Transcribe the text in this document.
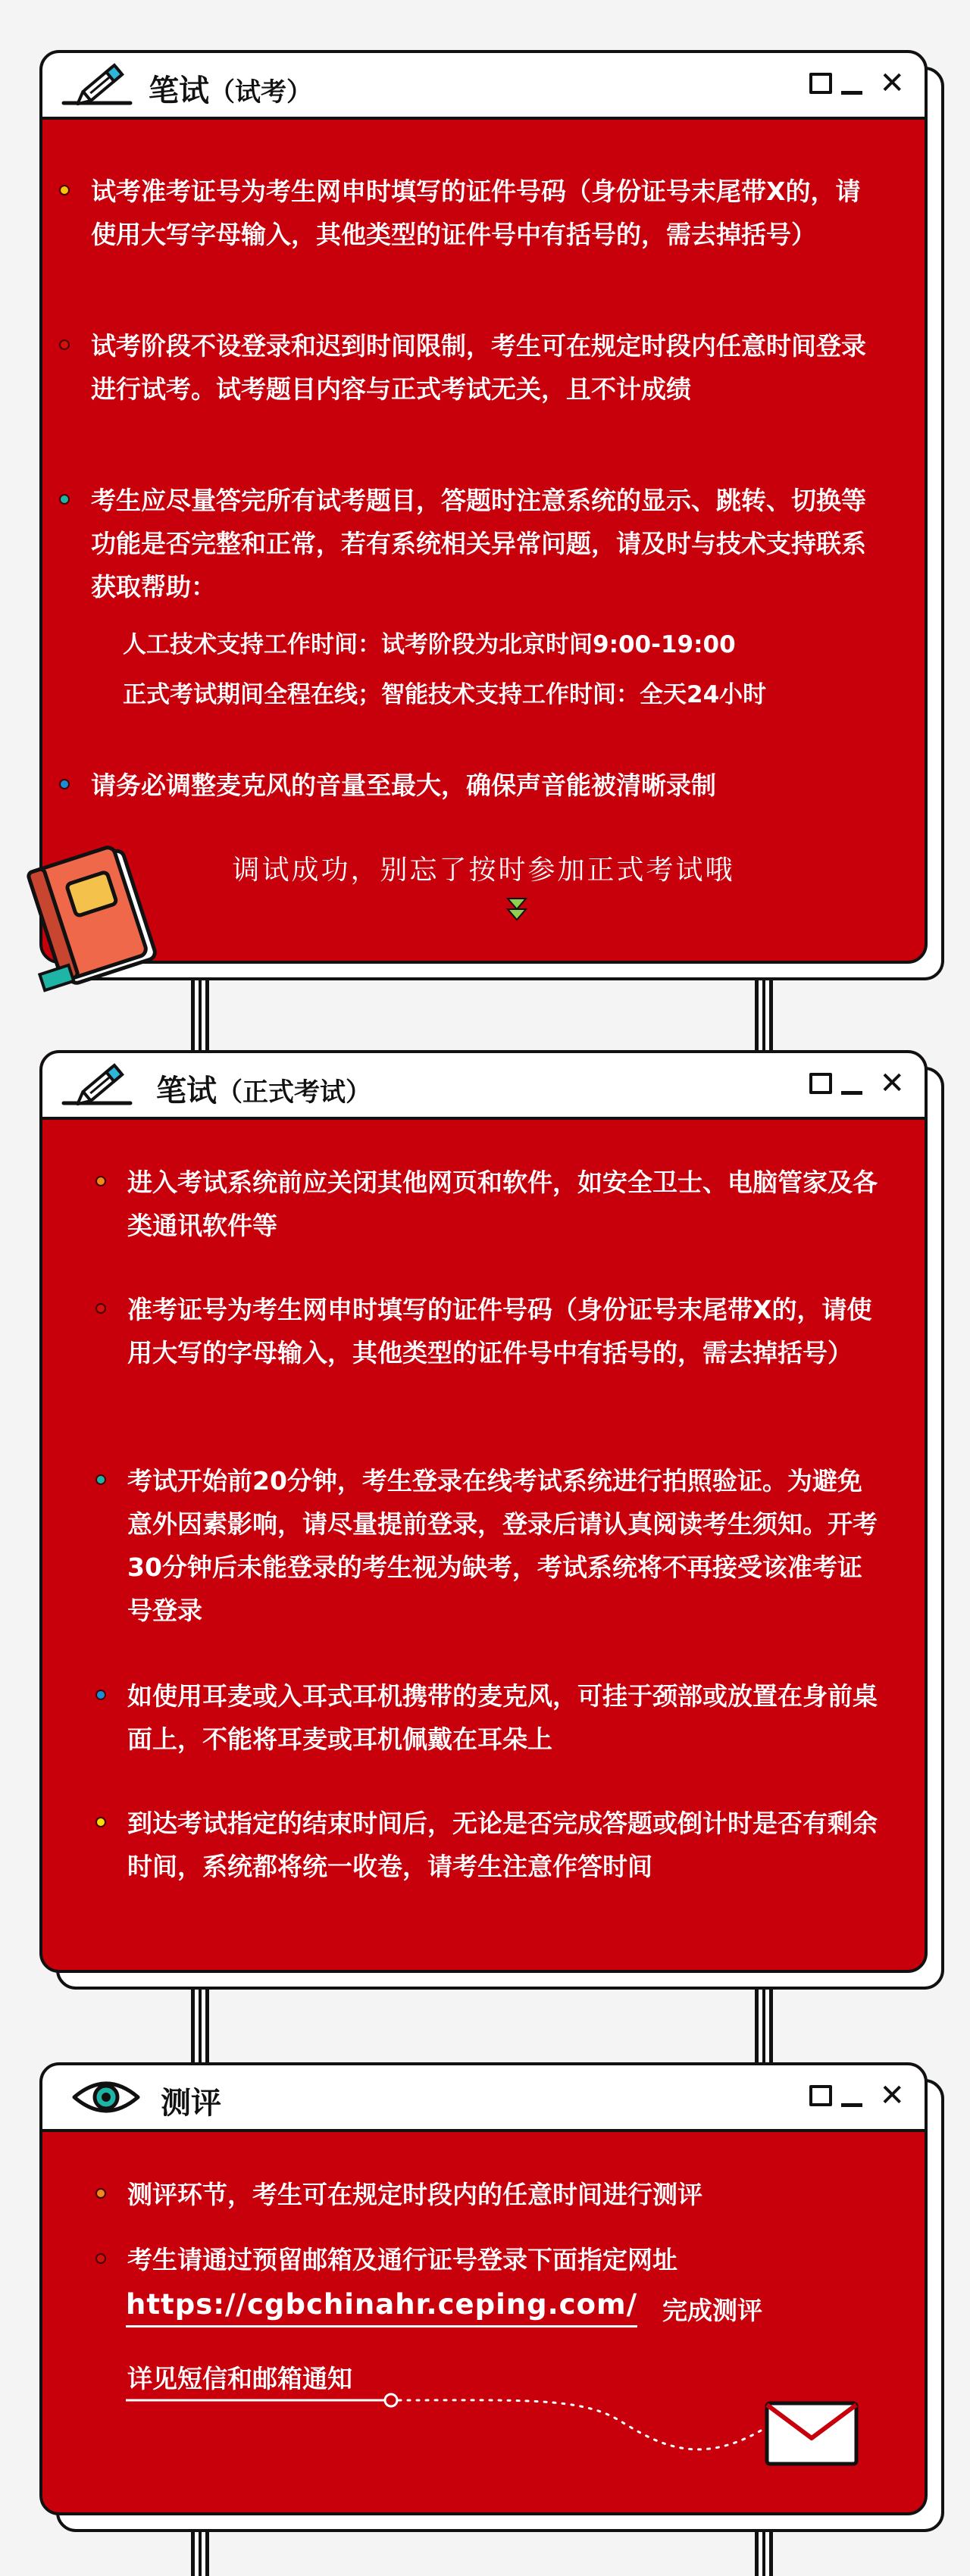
笔试（试考）	✕
试考准考证号为考生网申时填写的证件号码（身份证号末尾带X的，请使用大写字母输入，其他类型的证件号中有括号的，需去掉括号）
试考阶段不设登录和迟到时间限制，考生可在规定时段内任意时间登录进行试考。试考题目内容与正式考试无关，且不计成绩
考生应尽量答完所有试考题目，答题时注意系统的显示、跳转、切换等功能是否完整和正常，若有系统相关异常问题，请及时与技术支持联系获取帮助：
人工技术支持工作时间：试考阶段为北京时间9:00-19:00
正式考试期间全程在线；智能技术支持工作时间：全天24小时
请务必调整麦克风的音量至最大，确保声音能被清晰录制
调试成功，别忘了按时参加正式考试哦
笔试（正式考试）	✕
进入考试系统前应关闭其他网页和软件，如安全卫士、电脑管家及各类通讯软件等
准考证号为考生网申时填写的证件号码（身份证号末尾带X的，请使用大写的字母输入，其他类型的证件号中有括号的，需去掉括号）
考试开始前20分钟，考生登录在线考试系统进行拍照验证。为避免意外因素影响，请尽量提前登录，登录后请认真阅读考生须知。开考30分钟后未能登录的考生视为缺考，考试系统将不再接受该准考证号登录
如使用耳麦或入耳式耳机携带的麦克风，可挂于颈部或放置在身前桌面上，不能将耳麦或耳机佩戴在耳朵上
到达考试指定的结束时间后，无论是否完成答题或倒计时是否有剩余时间，系统都将统一收卷，请考生注意作答时间
测评	✕
测评环节，考生可在规定时段内的任意时间进行测评
考生请通过预留邮箱及通行证号登录下面指定网址
https://cgbchinahr.ceping.com/ 完成测评
详见短信和邮箱通知
